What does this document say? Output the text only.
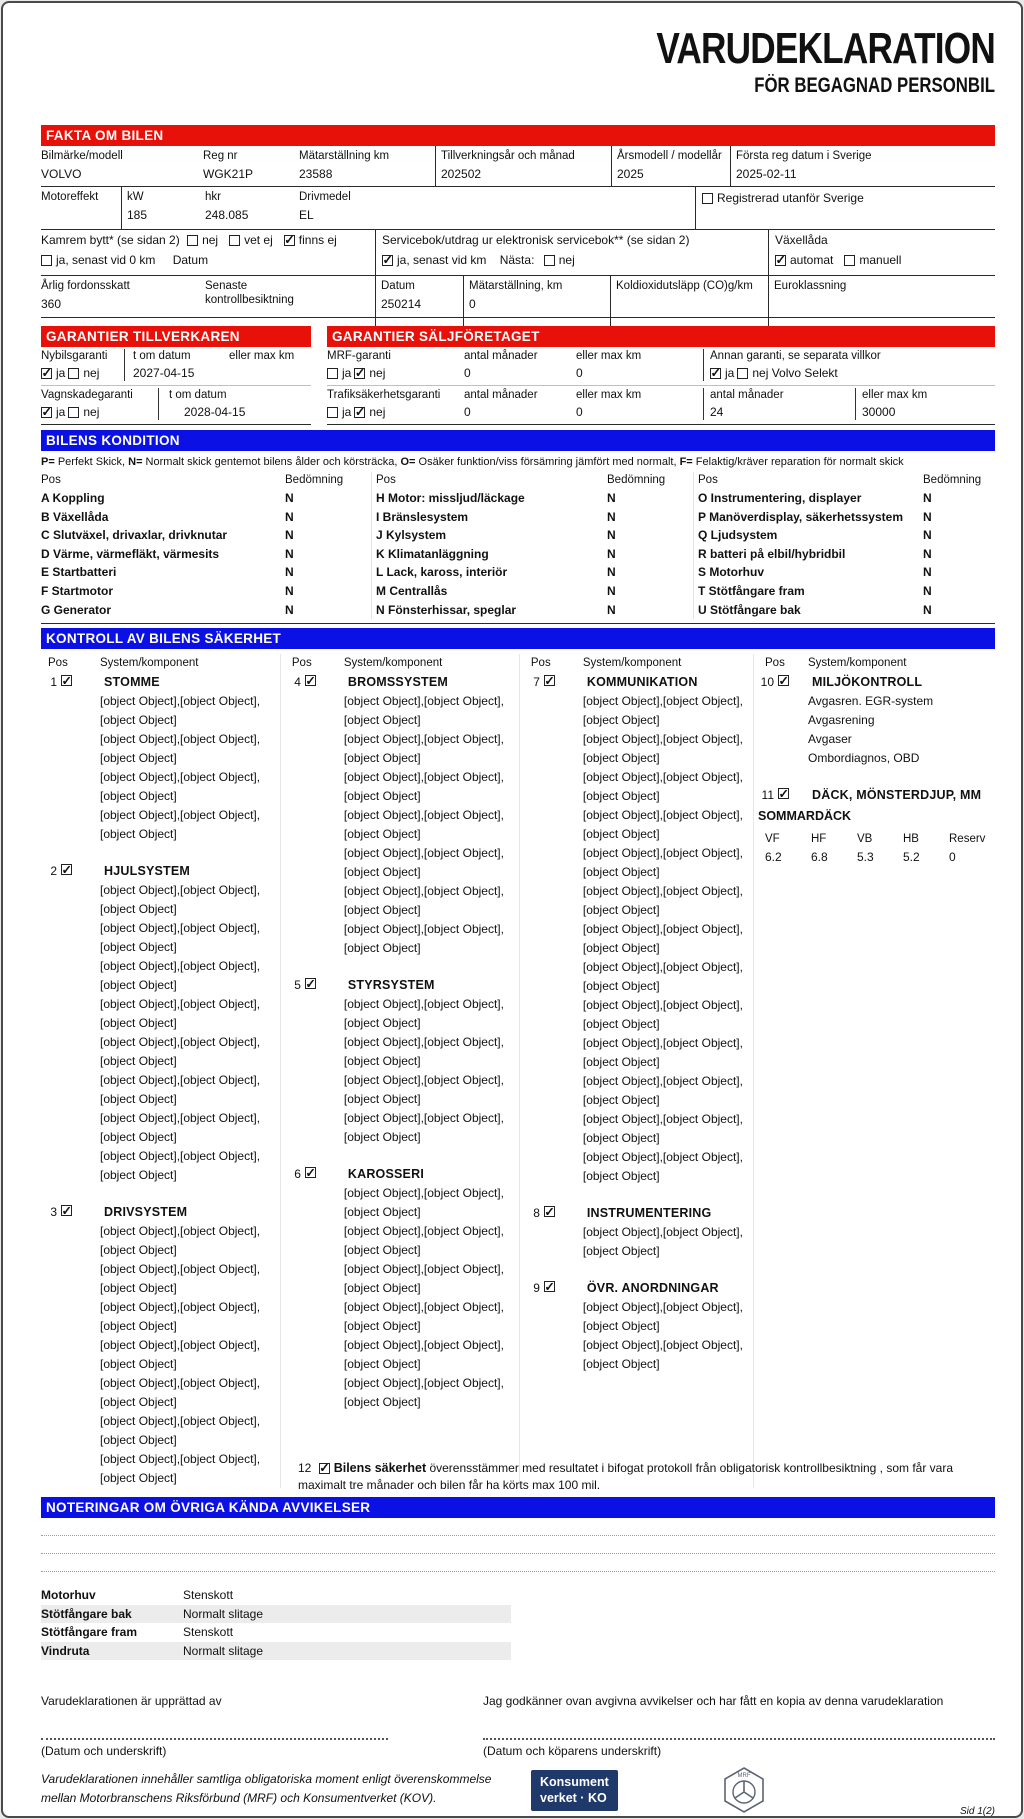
VARUDEKLARATION
FÖR BEGAGNAD PERSONBIL
FAKTA OM BILEN
Bilmärke/modell
VOLVO
Reg nr
WGK21P
Mätarställning km
23588
Tillverkningsår och månad
202502
Årsmodell / modellår
2025
Första reg datum i Sverige
2025-02-11
Motoreffekt	kW
185
hkr
248.085
Drivmedel
EL
Registrerad utanför Sverige
Kamrem bytt* (se sidan 2) nej vet ej ✓ finns ej
ja, senast vid 0 km Datum
Servicebok/utdrag ur elektronisk servicebok** (se sidan 2)
✓ja, senast vid km Nästa: nej
Växellåda
✓automat manuell
Årlig fordonsskatt
360
Senaste kontrollbesiktning
Datum
250214
Mätarställning, km
0
Koldioxidutsläpp (CO)g/km	Euroklassning
GARANTIER TILLVERKAREN
Nybilsgaranti
✓ja nej
t om datum
2027-04-15
eller max km
Vagnskadegaranti
✓ja nej
t om datum
2028-04-15
GARANTIER SÄLJFÖRETAGET
MRF-garanti
ja ✓ nej
antal månader
0
eller max km
0
Annan garanti, se separata villkor
✓ja nej Volvo Selekt
Trafiksäkerhetsgaranti
ja ✓ nej
antal månader
0
eller max km
0
antal månader
24
eller max km
30000
BILENS KONDITION
P= Perfekt Skick, N= Normalt skick gentemot bilens ålder och körsträcka, O= Osäker funktion/viss försämring jämfört med normalt, F= Felaktig/kräver reparation för normalt skick
Pos	Bedömning
A Koppling	N
B Växellåda	N
C Slutväxel, drivaxlar, drivknutar	N
D Värme, värmefläkt, värmesits	N
E Startbatteri	N
F Startmotor	N
G Generator	N
Pos	Bedömning
H Motor: missljud/läckage	N
I Bränslesystem	N
J Kylsystem	N
K Klimatanläggning	N
L Lack, kaross, interiör	N
M Centrallås	N
N Fönsterhissar, speglar	N
Pos	Bedömning
O Instrumentering, displayer	N
P Manöverdisplay, säkerhetssystem	N
Q Ljudsystem	N
R batteri på elbil/hybridbil	N
S Motorhuv	N
T Stötfångare fram	N
U Stötfångare bak	N
KONTROLL AV BILENS SÄKERHET
Pos	System/komponent
1 ✓	STOMME
[object Object],[object Object],[object Object]
[object Object],[object Object],[object Object]
[object Object],[object Object],[object Object]
[object Object],[object Object],[object Object]
2 ✓	HJULSYSTEM
[object Object],[object Object],[object Object]
[object Object],[object Object],[object Object]
[object Object],[object Object],[object Object]
[object Object],[object Object],[object Object]
[object Object],[object Object],[object Object]
[object Object],[object Object],[object Object]
[object Object],[object Object],[object Object]
[object Object],[object Object],[object Object]
3 ✓	DRIVSYSTEM
[object Object],[object Object],[object Object]
[object Object],[object Object],[object Object]
[object Object],[object Object],[object Object]
[object Object],[object Object],[object Object]
[object Object],[object Object],[object Object]
[object Object],[object Object],[object Object]
[object Object],[object Object],[object Object]
Pos	System/komponent
4 ✓	BROMSSYSTEM
[object Object],[object Object],[object Object]
[object Object],[object Object],[object Object]
[object Object],[object Object],[object Object]
[object Object],[object Object],[object Object]
[object Object],[object Object],[object Object]
[object Object],[object Object],[object Object]
[object Object],[object Object],[object Object]
5 ✓	STYRSYSTEM
[object Object],[object Object],[object Object]
[object Object],[object Object],[object Object]
[object Object],[object Object],[object Object]
[object Object],[object Object],[object Object]
6 ✓	KAROSSERI
[object Object],[object Object],[object Object]
[object Object],[object Object],[object Object]
[object Object],[object Object],[object Object]
[object Object],[object Object],[object Object]
[object Object],[object Object],[object Object]
[object Object],[object Object],[object Object]
Pos	System/komponent
7 ✓	KOMMUNIKATION
[object Object],[object Object],[object Object]
[object Object],[object Object],[object Object]
[object Object],[object Object],[object Object]
[object Object],[object Object],[object Object]
[object Object],[object Object],[object Object]
[object Object],[object Object],[object Object]
[object Object],[object Object],[object Object]
[object Object],[object Object],[object Object]
[object Object],[object Object],[object Object]
[object Object],[object Object],[object Object]
[object Object],[object Object],[object Object]
[object Object],[object Object],[object Object]
[object Object],[object Object],[object Object]
8 ✓	INSTRUMENTERING
[object Object],[object Object],[object Object]
9 ✓	ÖVR. ANORDNINGAR
[object Object],[object Object],[object Object]
[object Object],[object Object],[object Object]
Pos	System/komponent
10 ✓	MILJÖKONTROLL
Avgasren. EGR-system
Avgasrening
Avgaser
Ombordiagnos, OBD
11 ✓	DÄCK, MÖNSTERDJUP, MM
SOMMARDÄCK
VF
6.2
HF
6.8
VB
5.3
HB
5.2
Reserv
0
12 ✓ Bilens säkerhet överensstämmer med resultatet i bifogat protokoll från obligatorisk kontrollbesiktning , som får vara maximalt tre månader och bilen får ha körts max 100 mil.
NOTERINGAR OM ÖVRIGA KÄNDA AVVIKELSER
Motorhuv	Stenskott
Stötfångare bak	Normalt slitage
Stötfångare fram	Stenskott
Vindruta	Normalt slitage
Varudeklarationen är upprättad av	Jag godkänner ovan avgivna avvikelser och har fått en kopia av denna varudeklaration
(Datum och underskrift)	(Datum och köparens underskrift)
Varudeklarationen innehåller samtliga obligatoriska moment enligt överenskommelse mellan Motorbranschens Riksförbund (MRF) och Konsumentverket (KOV).
Konsument
verket · KO
MRF
Sid 1(2)
